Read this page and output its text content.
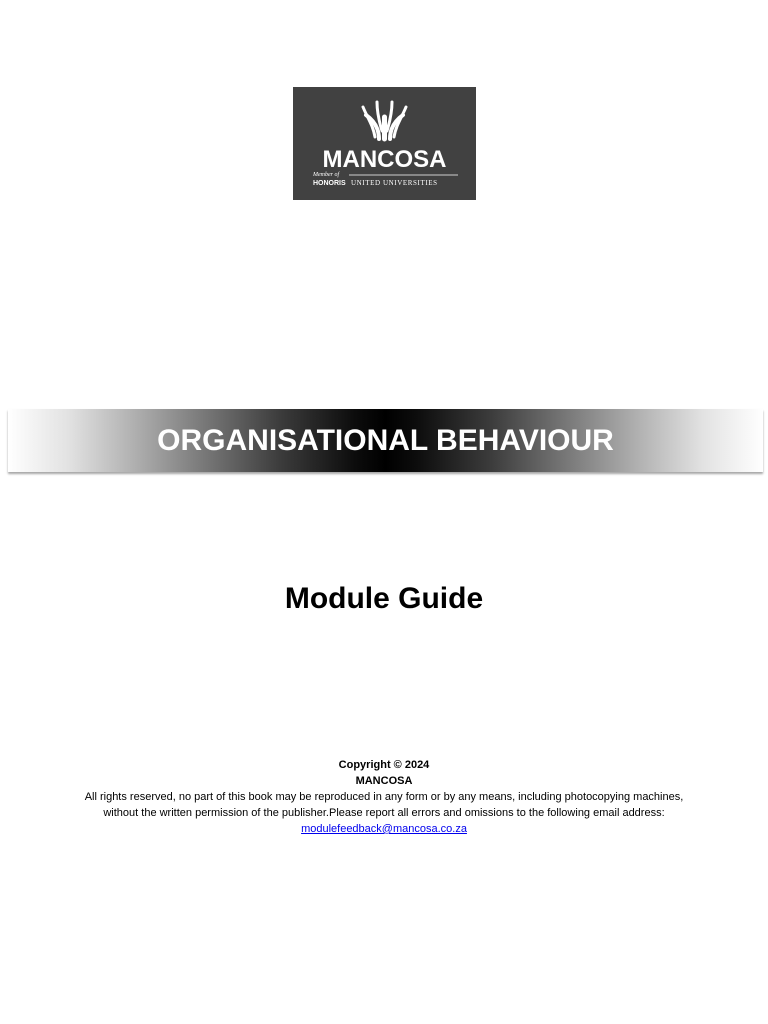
MANCOSA
Member of
HONORIS UNITED UNIVERSITIES
ORGANISATIONAL BEHAVIOUR
Module Guide
Copyright © 2024
MANCOSA
All rights reserved, no part of this book may be reproduced in any form or by any means, including photocopying machines,
without the written permission of the publisher.Please report all errors and omissions to the following email address:
modulefeedback@mancosa.co.za
